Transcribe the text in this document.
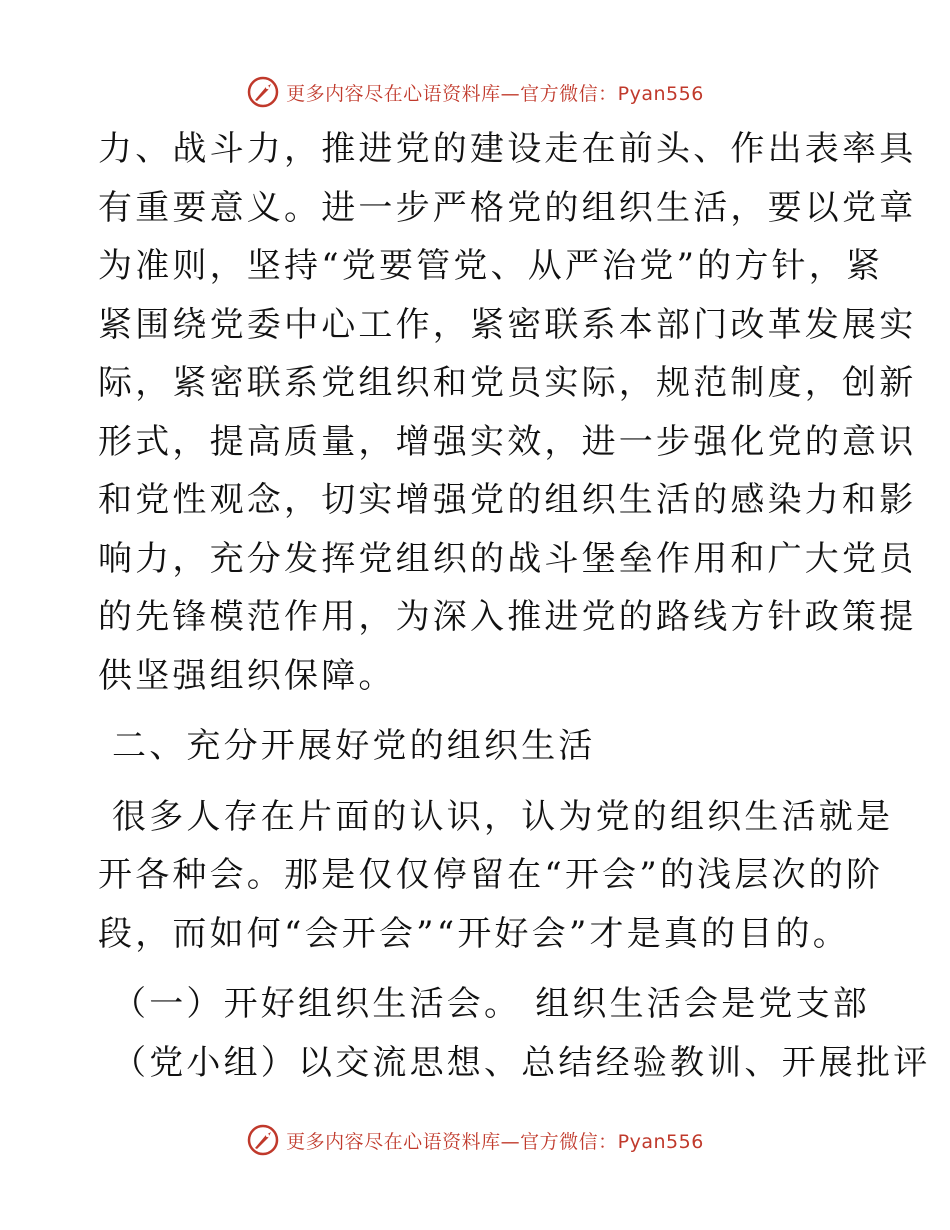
更多内容尽在心语资料库—官方微信：Pyan556
力、战斗力，推进党的建设走在前头、作出表率具
有重要意义。进一步严格党的组织生活，要以党章
为准则，坚持“党要管党、从严治党”的方针，紧
紧围绕党委中心工作，紧密联系本部门改革发展实
际，紧密联系党组织和党员实际，规范制度，创新
形式，提高质量，增强实效，进一步强化党的意识
和党性观念，切实增强党的组织生活的感染力和影
响力，充分发挥党组织的战斗堡垒作用和广大党员
的先锋模范作用，为深入推进党的路线方针政策提
供坚强组织保障。
二、充分开展好党的组织生活
很多人存在片面的认识，认为党的组织生活就是
开各种会。那是仅仅停留在“开会”的浅层次的阶
段，而如何“会开会”“开好会”才是真的目的。
（一）开好组织生活会。 组织生活会是党支部
（党小组）以交流思想、总结经验教训、开展批评
更多内容尽在心语资料库—官方微信：Pyan556
